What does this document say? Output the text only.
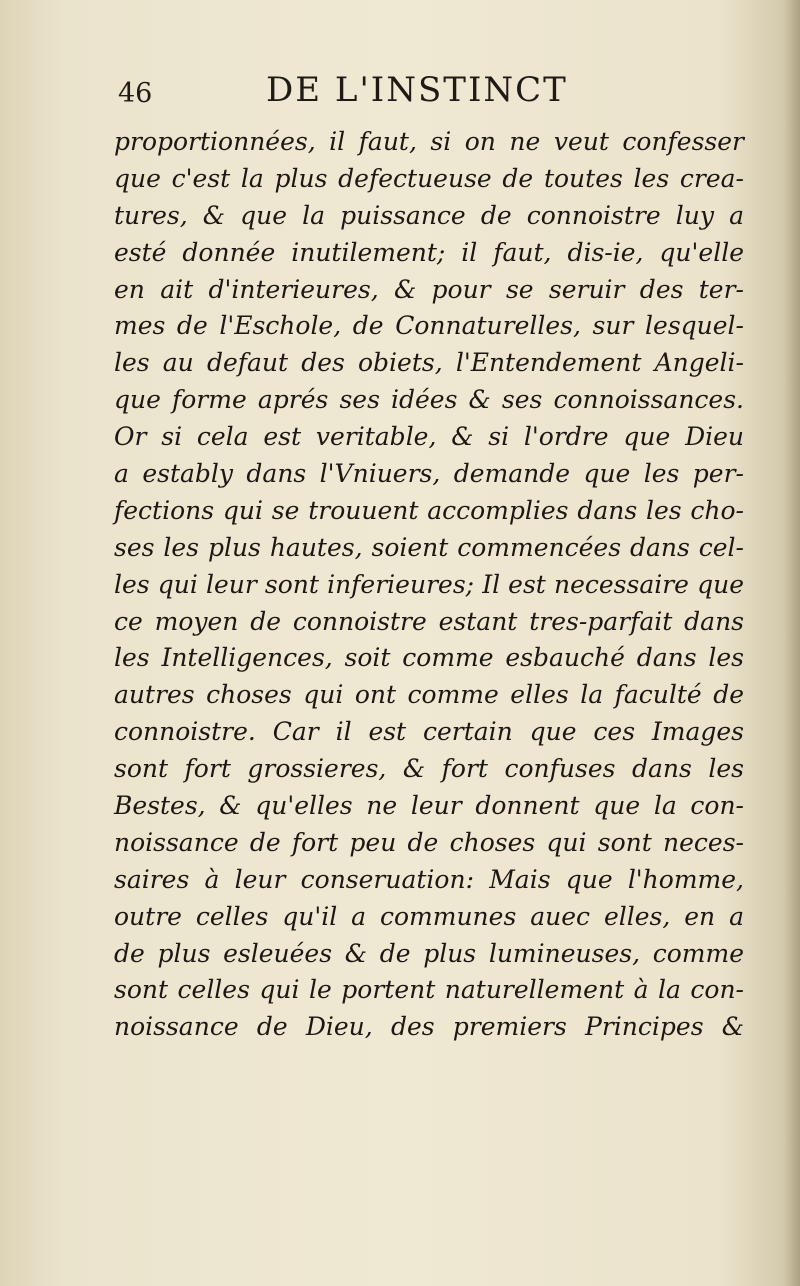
46	DE L'INSTINCT
proportionnées, il faut, si on ne veut confesser
que c'est la plus defectueuse de toutes les crea-
tures, & que la puissance de connoistre luy a
esté donnée inutilement; il faut, dis-ie, qu'elle
en ait d'interieures, & pour se seruir des ter-
mes de l'Eschole, de Connaturelles, sur lesquel-
les au defaut des obiets, l'Entendement Angeli-
que forme aprés ses idées & ses connoissances.
Or si cela est veritable, & si l'ordre que Dieu
a estably dans l'Vniuers, demande que les per-
fections qui se trouuent accomplies dans les cho-
ses les plus hautes, soient commencées dans cel-
les qui leur sont inferieures; Il est necessaire que
ce moyen de connoistre estant tres-parfait dans
les Intelligences, soit comme esbauché dans les
autres choses qui ont comme elles la faculté de
connoistre. Car il est certain que ces Images
sont fort grossieres, & fort confuses dans les
Bestes, & qu'elles ne leur donnent que la con-
noissance de fort peu de choses qui sont neces-
saires à leur conseruation: Mais que l'homme,
outre celles qu'il a communes auec elles, en a
de plus esleuées & de plus lumineuses, comme
sont celles qui le portent naturellement à la con-
noissance de Dieu, des premiers Principes &
